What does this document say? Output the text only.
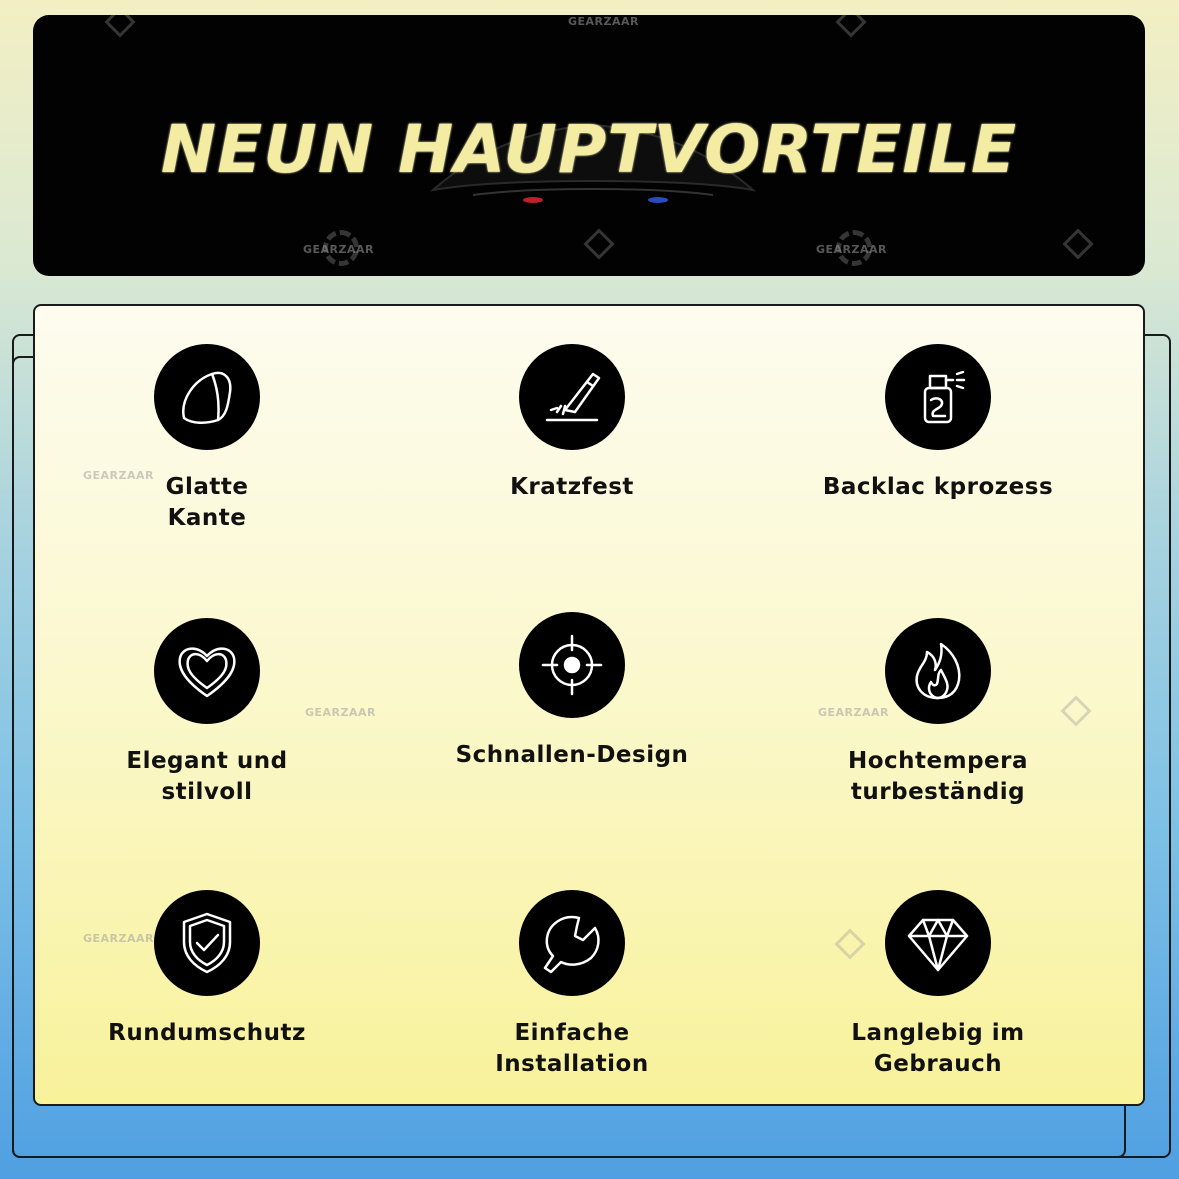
NEUN HAUPTVORTEILE
GEARZAAR
GEARZAAR	GEARZAAR
Glatte
Kante
Kratzfest	Backlac kprozess
Elegant und
stilvoll
Schnallen-Design	Hochtempera
turbeständig
Rundumschutz	Einfache
Installation
Langlebig im
Gebrauch
GEARZAAR
GEARZAAR	GEARZAAR
GEARZAAR
